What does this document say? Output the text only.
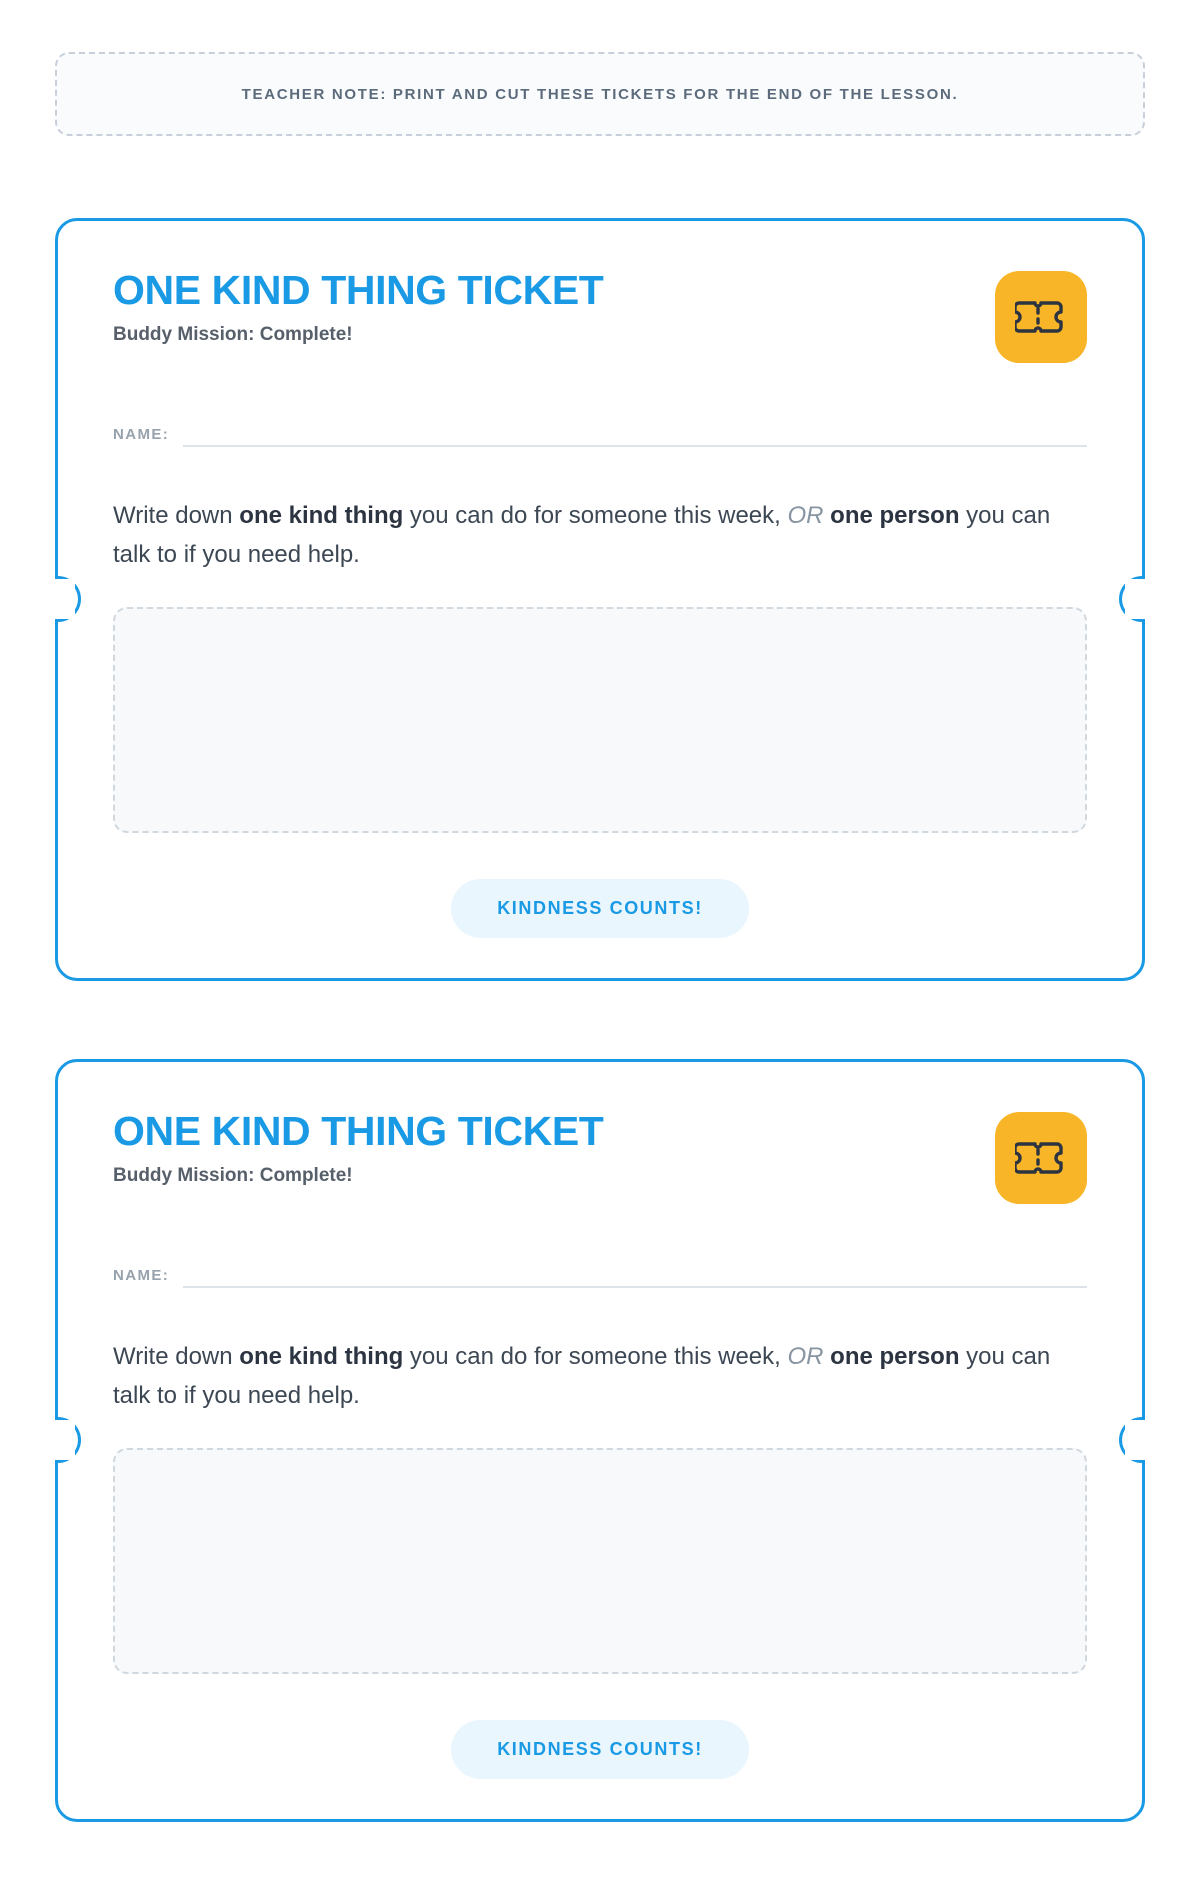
TEACHER NOTE: PRINT AND CUT THESE TICKETS FOR THE END OF THE LESSON.
ONE KIND THING TICKET

Buddy Mission: Complete!

NAME:

Write down one kind thing you can do for someone this week, OR one person you can talk to if you need help.

KINDNESS COUNTS!
ONE KIND THING TICKET

Buddy Mission: Complete!

NAME:

Write down one kind thing you can do for someone this week, OR one person you can talk to if you need help.

KINDNESS COUNTS!
